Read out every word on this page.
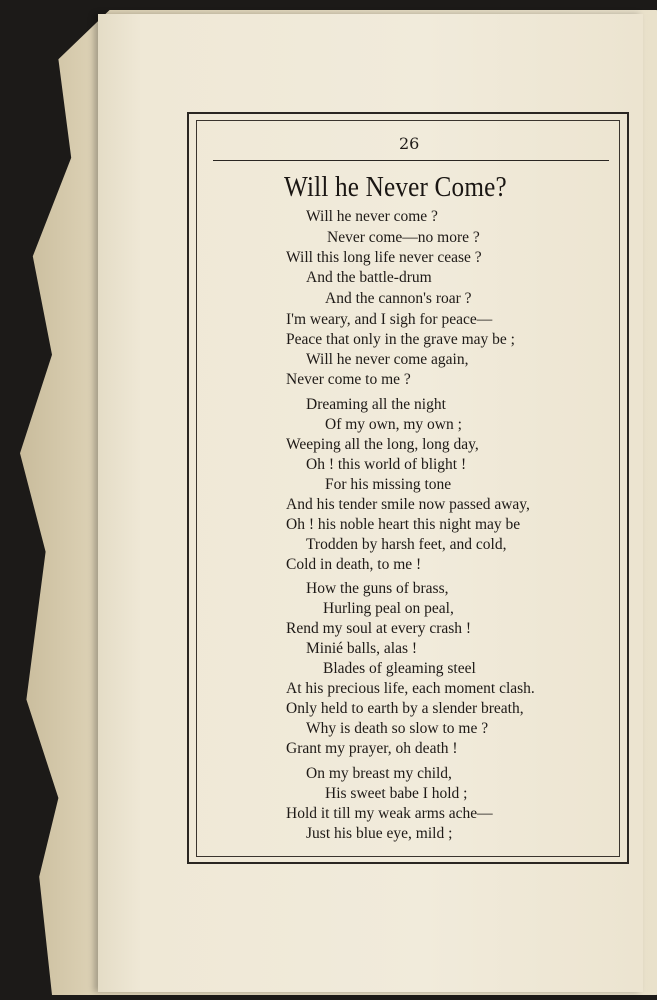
26
Will he Never Come?
Will he never come ?
Never come—no more ?
Will this long life never cease ?
And the battle-drum
And the cannon's roar ?
I'm weary, and I sigh for peace—
Peace that only in the grave may be ;
Will he never come again,
Never come to me ?
Dreaming all the night
Of my own, my own ;
Weeping all the long, long day,
Oh ! this world of blight !
For his missing tone
And his tender smile now passed away,
Oh ! his noble heart this night may be
Trodden by harsh feet, and cold,
Cold in death, to me !
How the guns of brass,
Hurling peal on peal,
Rend my soul at every crash !
Minié balls, alas !
Blades of gleaming steel
At his precious life, each moment clash.
Only held to earth by a slender breath,
Why is death so slow to me ?
Grant my prayer, oh death !
On my breast my child,
His sweet babe I hold ;
Hold it till my weak arms ache—
Just his blue eye, mild ;
